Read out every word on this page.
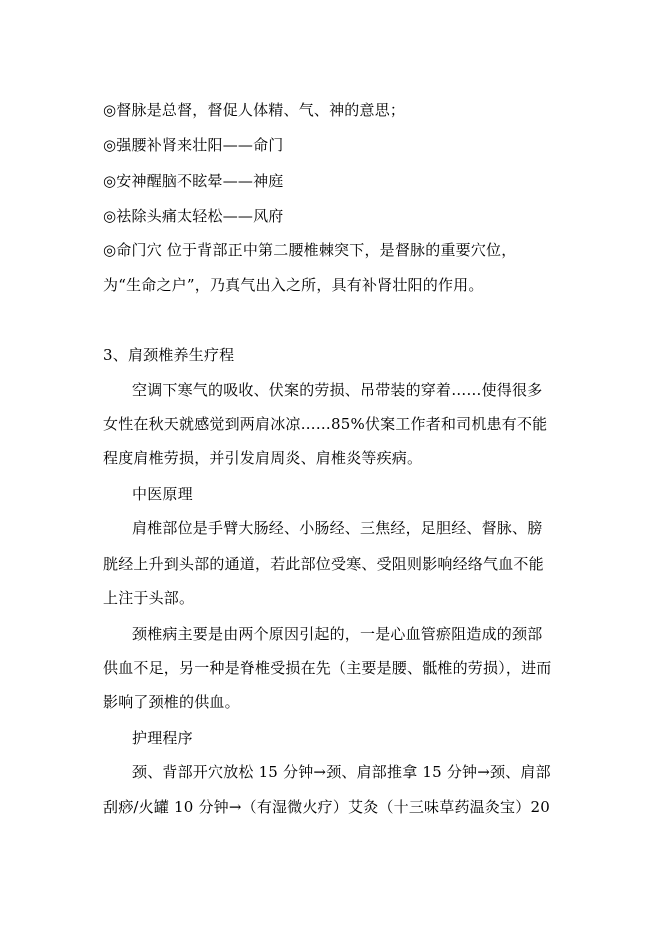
◎督脉是总督，督促人体精、气、神的意思；
◎强腰补肾来壮阳——命门
◎安神醒脑不眩晕——神庭
◎祛除头痛太轻松——风府
◎命门穴 位于背部正中第二腰椎棘突下，是督脉的重要穴位，
为“生命之户”，乃真气出入之所，具有补肾壮阳的作用。
3、肩颈椎养生疗程
空调下寒气的吸收、伏案的劳损、吊带装的穿着……使得很多
女性在秋天就感觉到两肩冰凉……85%伏案工作者和司机患有不能
程度肩椎劳损，并引发肩周炎、肩椎炎等疾病。
中医原理
肩椎部位是手臂大肠经、小肠经、三焦经，足胆经、督脉、膀
胱经上升到头部的通道，若此部位受寒、受阻则影响经络气血不能
上注于头部。
颈椎病主要是由两个原因引起的，一是心血管瘀阻造成的颈部
供血不足，另一种是脊椎受损在先（主要是腰、骶椎的劳损），进而
影响了颈椎的供血。
护理程序
颈、背部开穴放松 15 分钟→颈、肩部推拿 15 分钟→颈、肩部
刮痧/火罐 10 分钟→（有湿微火疗）艾灸（十三味草药温灸宝）20
